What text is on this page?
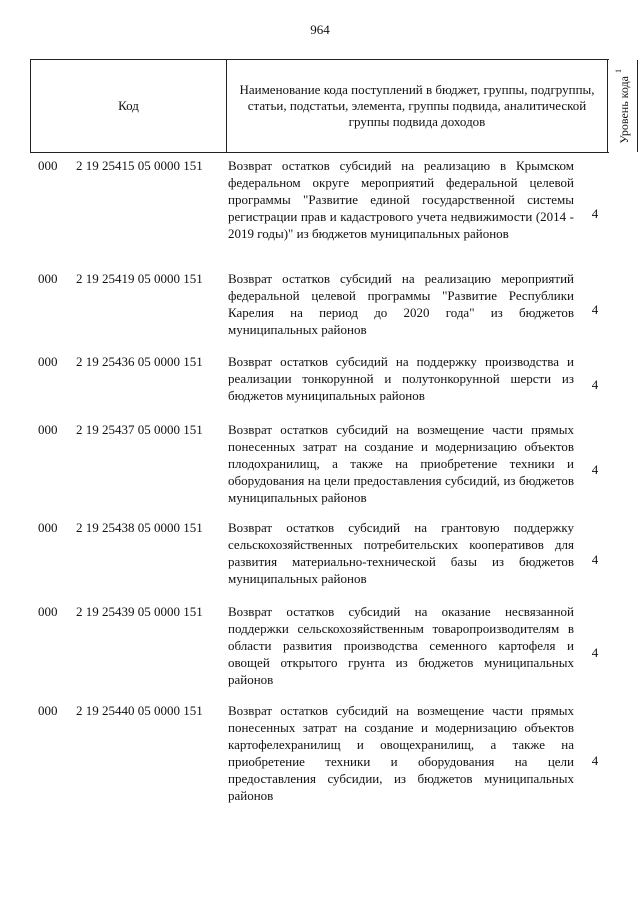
964
Код
Наименование кода поступлений в бюджет, группы, подгруппы, статьи, подстатьи, элемента, группы подвида, аналитической группы подвида доходов	Уровень кода $^1$
000 2 19 25415 05 0000 151 Возврат остатков субсидий на реализацию в Крымском федеральном округе мероприятий федеральной целевой программы "Развитие единой государственной системы регистрации прав и кадастрового учета недвижимости (2014 - 2019 годы)" из бюджетов муниципальных районов
4
000 2 19 25419 05 0000 151 Возврат остатков субсидий на реализацию мероприятий федеральной целевой программы "Развитие Республики Карелия на период до 2020 года" из бюджетов муниципальных районов
4
000 2 19 25436 05 0000 151 Возврат остатков субсидий на поддержку производства и реализации тонкорунной и полутонкорунной шерсти из бюджетов муниципальных районов
4
000 2 19 25437 05 0000 151 Возврат остатков субсидий на возмещение части прямых понесенных затрат на создание и модернизацию объектов плодохранилищ, а также на приобретение техники и оборудования на цели предоставления субсидий, из бюджетов муниципальных районов
4
000 2 19 25438 05 0000 151 Возврат остатков субсидий на грантовую поддержку сельскохозяйственных потребительских кооперативов для развития материально-технической базы из бюджетов муниципальных районов
4
000 2 19 25439 05 0000 151 Возврат остатков субсидий на оказание несвязанной поддержки сельскохозяйственным товаропроизводителям в области развития производства семенного картофеля и овощей открытого грунта из бюджетов муниципальных районов
4
000 2 19 25440 05 0000 151 Возврат остатков субсидий на возмещение части прямых понесенных затрат на создание и модернизацию объектов картофелехранилищ и овощехранилищ, а также на приобретение техники и оборудования на цели предоставления субсидии, из бюджетов муниципальных районов
4
